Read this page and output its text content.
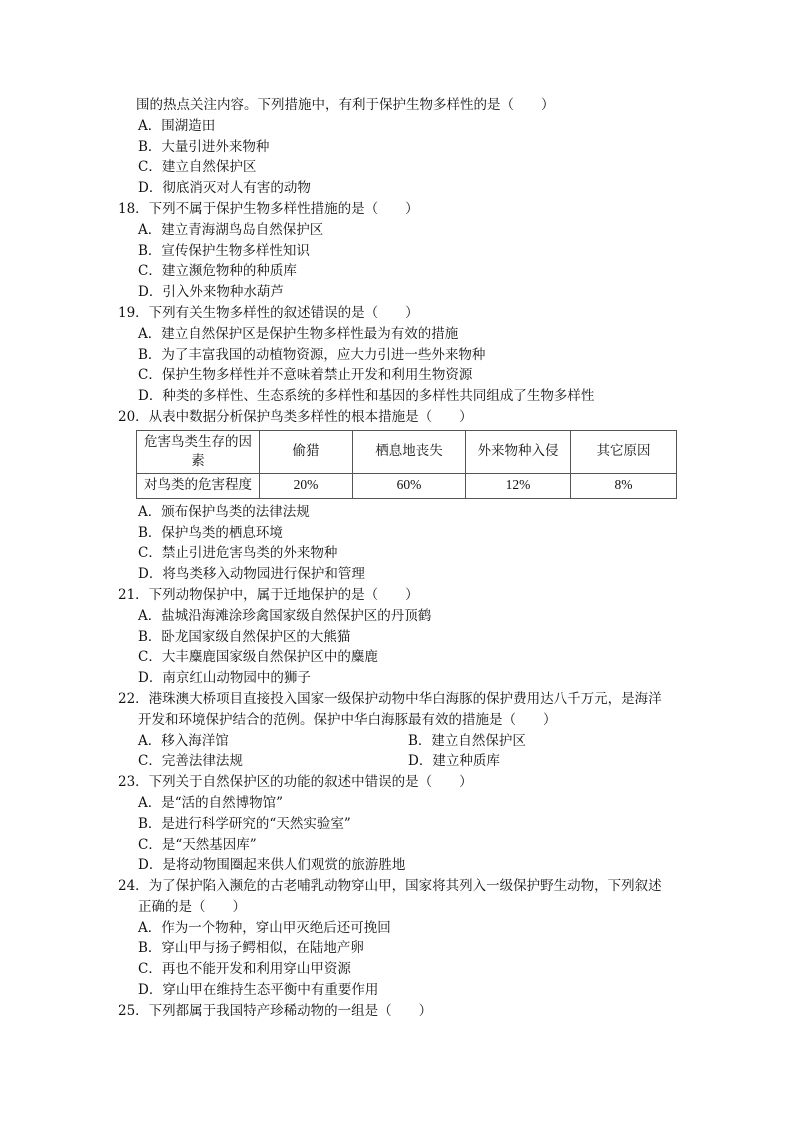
围的热点关注内容。下列措施中，有利于保护生物多样性的是（　　）
A．围湖造田
B．大量引进外来物种
C．建立自然保护区
D．彻底消灭对人有害的动物
18．下列不属于保护生物多样性措施的是（　　）
A．建立青海湖鸟岛自然保护区
B．宣传保护生物多样性知识
C．建立濒危物种的种质库
D．引入外来物种水葫芦
19．下列有关生物多样性的叙述错误的是（　　）
A．建立自然保护区是保护生物多样性最为有效的措施
B．为了丰富我国的动植物资源，应大力引进一些外来物种
C．保护生物多样性并不意味着禁止开发和利用生物资源
D．种类的多样性、生态系统的多样性和基因的多样性共同组成了生物多样性
20．从表中数据分析保护鸟类多样性的根本措施是（　　）
危害鸟类生存的因素	偷猎	栖息地丧失	外来物种入侵	其它原因
对鸟类的危害程度	20%	60%	12%	8%
A．颁布保护鸟类的法律法规
B．保护鸟类的栖息环境
C．禁止引进危害鸟类的外来物种
D．将鸟类移入动物园进行保护和管理
21．下列动物保护中，属于迁地保护的是（　　）
A．盐城沿海滩涂珍禽国家级自然保护区的丹顶鹤
B．卧龙国家级自然保护区的大熊猫
C．大丰麋鹿国家级自然保护区中的麋鹿
D．南京红山动物园中的狮子
22．港珠澳大桥项目直接投入国家一级保护动物中华白海豚的保护费用达八千万元，是海洋
开发和环境保护结合的范例。保护中华白海豚最有效的措施是（　　）
A．移入海洋馆	B．建立自然保护区
C．完善法律法规	D．建立种质库
23．下列关于自然保护区的功能的叙述中错误的是（　　）
A．是“活的自然博物馆”
B．是进行科学研究的“天然实验室”
C．是“天然基因库”
D．是将动物围圈起来供人们观赏的旅游胜地
24．为了保护陷入濒危的古老哺乳动物穿山甲，国家将其列入一级保护野生动物，下列叙述
正确的是（　　）
A．作为一个物种，穿山甲灭绝后还可挽回
B．穿山甲与扬子鳄相似，在陆地产卵
C．再也不能开发和利用穿山甲资源
D．穿山甲在维持生态平衡中有重要作用
25．下列都属于我国特产珍稀动物的一组是（　　）
